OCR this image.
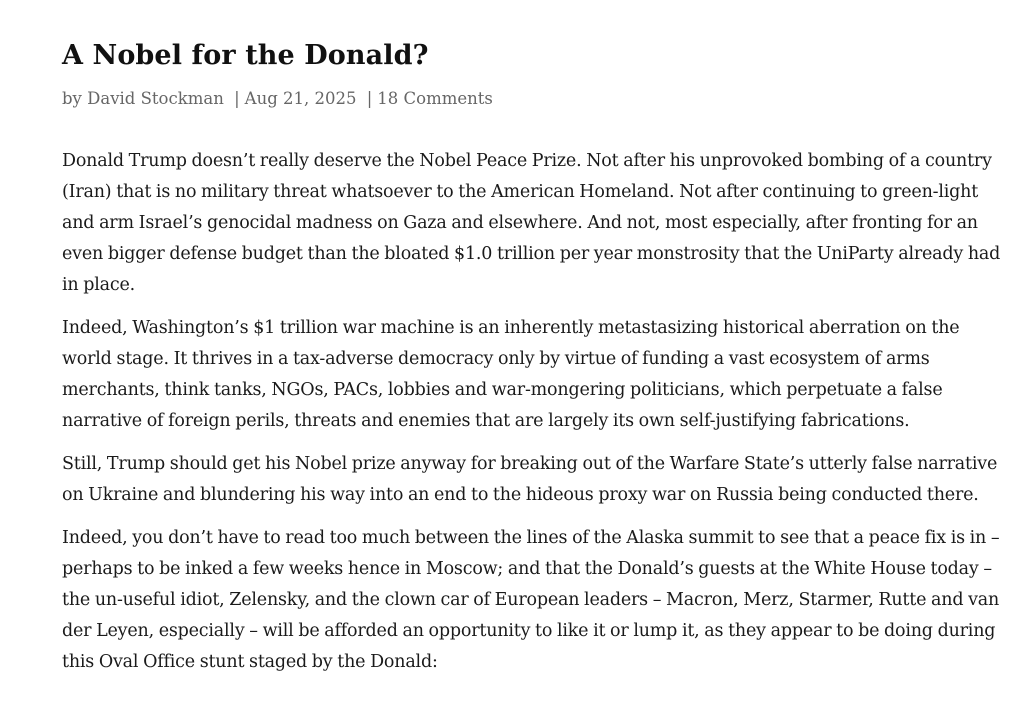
A Nobel for the Donald?
by David Stockman | Aug 21, 2025 | 18 Comments

Donald Trump doesn’t really deserve the Nobel Peace Prize. Not after his unprovoked bombing of a country (Iran) that is no military threat whatsoever to the American Homeland. Not after continuing to green-light and arm Israel’s genocidal madness on Gaza and elsewhere. And not, most especially, after fronting for an even bigger defense budget than the bloated $1.0 trillion per year monstrosity that the UniParty already had in place.

Indeed, Washington’s $1 trillion war machine is an inherently metastasizing historical aberration on the world stage. It thrives in a tax-adverse democracy only by virtue of funding a vast ecosystem of arms merchants, think tanks, NGOs, PACs, lobbies and war-mongering politicians, which perpetuate a false narrative of foreign perils, threats and enemies that are largely its own self-justifying fabrications.

Still, Trump should get his Nobel prize anyway for breaking out of the Warfare State’s utterly false narrative on Ukraine and blundering his way into an end to the hideous proxy war on Russia being conducted there.

Indeed, you don’t have to read too much between the lines of the Alaska summit to see that a peace fix is in – perhaps to be inked a few weeks hence in Moscow; and that the Donald’s guests at the White House today – the un-useful idiot, Zelensky, and the clown car of European leaders – Macron, Merz, Starmer, Rutte and van der Leyen, especially – will be afforded an opportunity to like it or lump it, as they appear to be doing during this Oval Office stunt staged by the Donald:
